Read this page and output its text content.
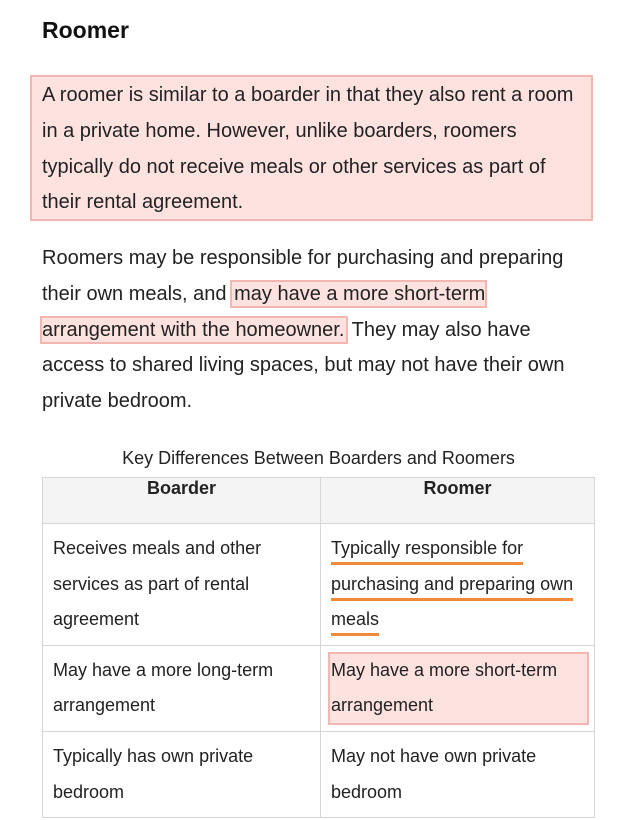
Roomer

A roomer is similar to a boarder in that they also rent a room in a private home. However, unlike boarders, roomers typically do not receive meals or other services as part of their rental agreement.

Roomers may be responsible for purchasing and preparing their own meals, and may have a more short-term arrangement with the homeowner. They may also have access to shared living spaces, but may not have their own private bedroom.

Key Differences Between Boarders and Roomers

Boarder	Roomer
Receives meals and other services as part of rental agreement	Typically responsible for purchasing and preparing own meals
May have a more long-term arrangement	May have a more short-term arrangement
Typically has own private bedroom	May not have own private bedroom
